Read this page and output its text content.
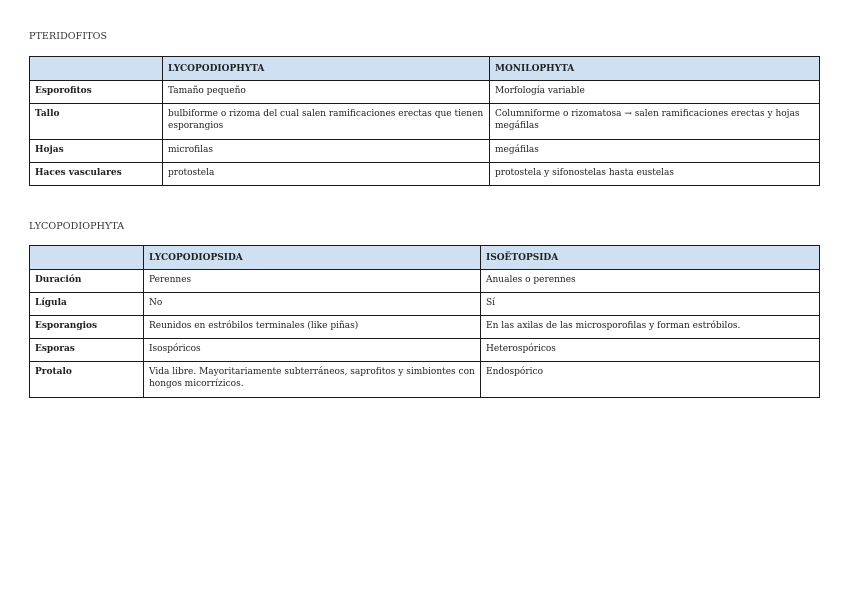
PTERIDOFITOS
	LYCOPODIOPHYTA	MONILOPHYTA
Esporofitos	Tamaño pequeño	Morfología variable
Tallo	bulbiforme o rizoma del cual salen ramificaciones erectas que tienen esporangios	Columniforme o rizomatosa → salen ramificaciones erectas y hojas megáfilas
Hojas	microfilas	megáfilas
Haces vasculares	protostela	protostela y sifonostelas hasta eustelas
LYCOPODIOPHYTA
	LYCOPODIOPSIDA	ISOËTOPSIDA
Duración	Perennes	Anuales o perennes
Lígula	No	Sí
Esporangios	Reunidos en estróbilos terminales (like piñas)	En las axilas de las microsporofilas y forman estróbilos.
Esporas	Isospóricos	Heterospóricos
Protalo	Vida libre. Mayoritariamente subterráneos, saprofitos y simbiontes con hongos micorrízicos.	Endospórico
